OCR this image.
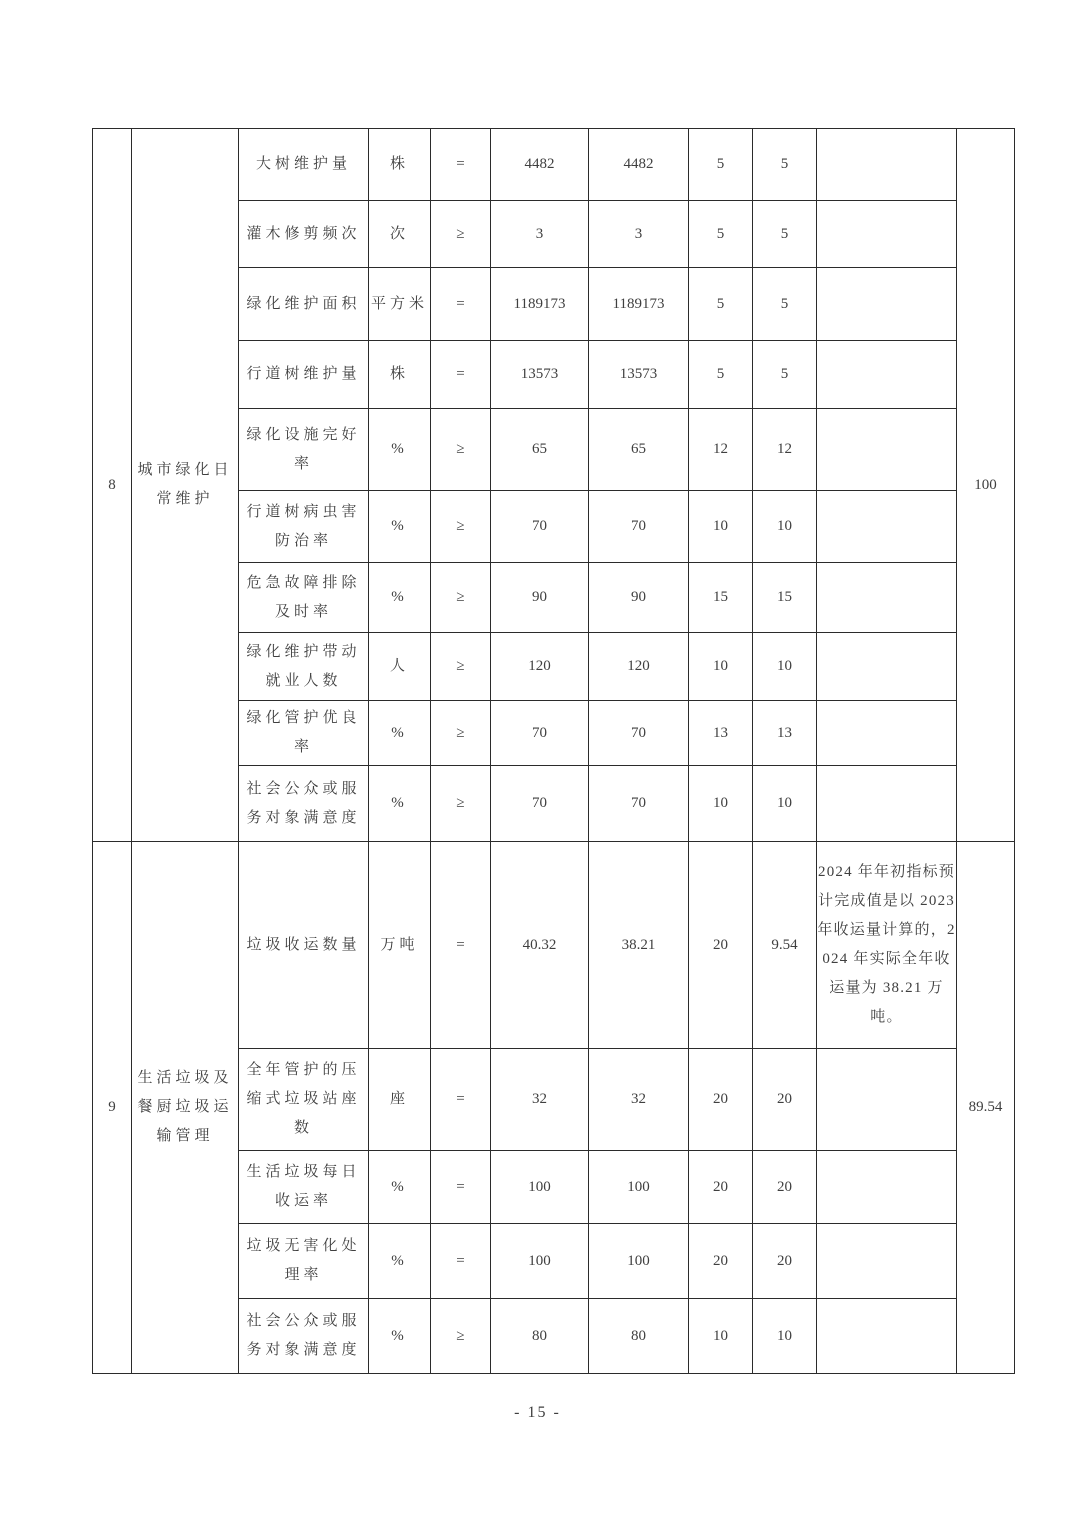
8	城市绿化日常维护	大树维护量	株	=	4482	4482	5	5		100
		灌木修剪频次	次	≥	3	3	5	5		
		绿化维护面积	平方米	=	1189173	1189173	5	5		
		行道树维护量	株	=	13573	13573	5	5		
		绿化设施完好率	%	≥	65	65	12	12		
		行道树病虫害防治率	%	≥	70	70	10	10		
		危急故障排除及时率	%	≥	90	90	15	15		
		绿化维护带动就业人数	人	≥	120	120	10	10		
		绿化管护优良率	%	≥	70	70	13	13		
		社会公众或服务对象满意度	%	≥	70	70	10	10		
9	生活垃圾及餐厨垃圾运输管理	垃圾收运数量	万吨	=	40.32	38.21	20	9.54	2024 年年初指标预计完成值是以 2023 年收运量计算的，2024 年实际全年收运量为 38.21 万吨。	89.54
		全年管护的压缩式垃圾站座数	座	=	32	32	20	20		
		生活垃圾每日收运率	%	=	100	100	20	20		
		垃圾无害化处理率	%	=	100	100	20	20		
		社会公众或服务对象满意度	%	≥	80	80	10	10		
- 15 -
